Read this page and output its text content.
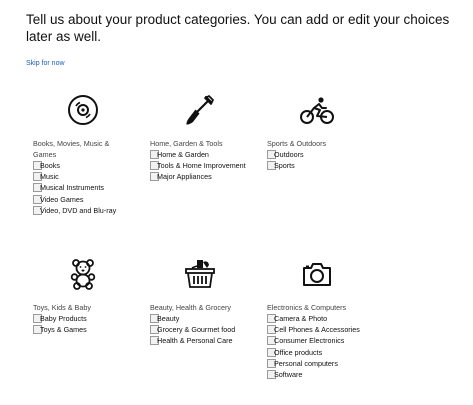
Tell us about your product categories. You can add or edit your choices later as well.
Skip for now
Books, Movies, Music & Games
Books
Music
Musical Instruments
Video Games
Video, DVD and Blu-ray
Home, Garden & Tools
Home & Garden
Tools & Home Improvement
Major Appliances
Sports & Outdoors
Outdoors
Sports
Toys, Kids & Baby
Baby Products
Toys & Games
Beauty, Health & Grocery
Beauty
Grocery & Gourmet food
Health & Personal Care
Electronics & Computers
Camera & Photo
Cell Phones & Accessories
Consumer Electronics
Office products
Personal computers
Software
